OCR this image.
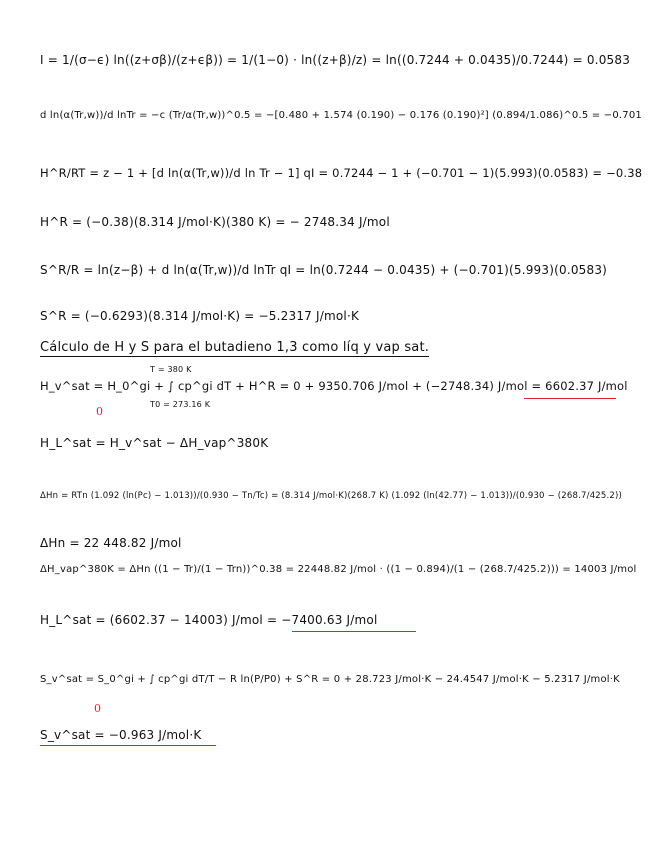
I = 1/(σ−ϵ) ln((z+σβ)/(z+ϵβ)) = 1/(1−0) · ln((z+β)/z) = ln((0.7244 + 0.0435)/0.7244) = 0.0583
d ln(α(Tr,w))/d lnTr = −c (Tr/α(Tr,w))^0.5 = −[0.480 + 1.574 (0.190) − 0.176 (0.190)²] (0.894/1.086)^0.5 = −0.701
H^R/RT = z − 1 + [d ln(α(Tr,w))/d ln Tr − 1] qI = 0.7244 − 1 + (−0.701 − 1)(5.993)(0.0583) = −0.38
H^R = (−0.38)(8.314 J/mol·K)(380 K) = − 2748.34 J/mol
S^R/R = ln(z−β) + d ln(α(Tr,w))/d lnTr qI = ln(0.7244 − 0.0435) + (−0.701)(5.993)(0.0583)
S^R = (−0.6293)(8.314 J/mol·K) = −5.2317 J/mol·K
Cálculo de H y S para el butadieno 1,3 como líq y vap sat.
T = 380 K
H_v^sat = H_0^gi + ∫ cp^gi dT + H^R = 0 + 9350.706 J/mol + (−2748.34) J/mol = 6602.37 J/mol
T0 = 273.16 K
0
H_L^sat = H_v^sat − ΔH_vap^380K
ΔHn = RTn (1.092 (ln(Pc) − 1.013))/(0.930 − Tn/Tc) = (8.314 J/mol·K)(268.7 K) (1.092 (ln(42.77) − 1.013))/(0.930 − (268.7/425.2))
ΔHn = 22 448.82 J/mol
ΔH_vap^380K = ΔHn ((1 − Tr)/(1 − Trn))^0.38 = 22448.82 J/mol · ((1 − 0.894)/(1 − (268.7/425.2))) = 14003 J/mol
H_L^sat = (6602.37 − 14003) J/mol = −7400.63 J/mol
S_v^sat = S_0^gi + ∫ cp^gi dT/T − R ln(P/P0) + S^R = 0 + 28.723 J/mol·K − 24.4547 J/mol·K − 5.2317 J/mol·K
0
S_v^sat = −0.963 J/mol·K
